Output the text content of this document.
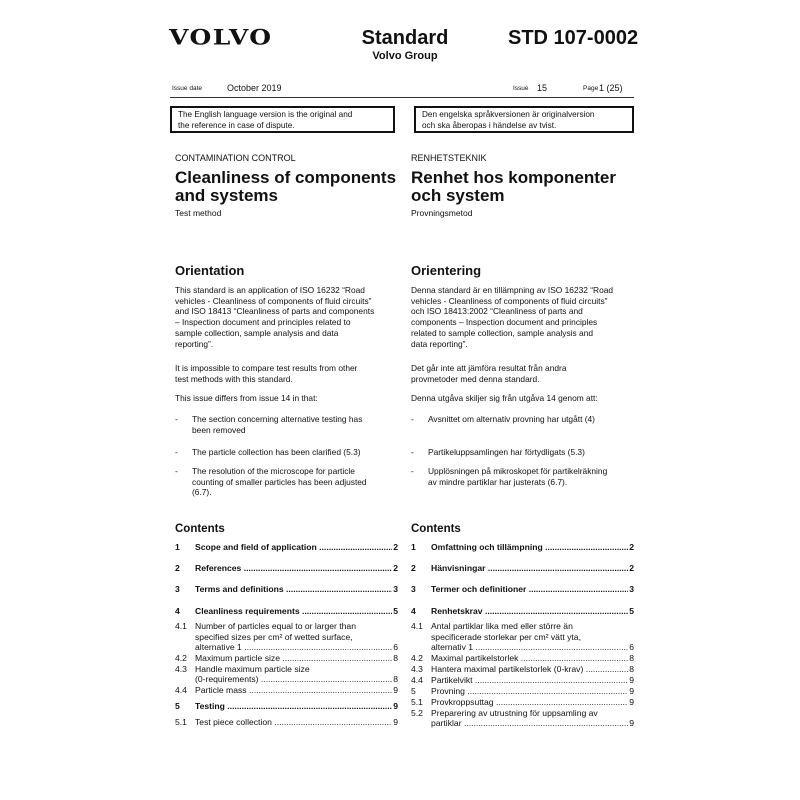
VOLVO	Standard
Volvo Group
STD 107-0002
Issue date	October 2019	Issue 15	Page 1 (25)
The English language version is the original and
the reference in case of dispute.
Den engelska språkversionen är originalversion
och ska åberopas i händelse av tvist.
CONTAMINATION CONTROL
Cleanliness of components
and systems
Test method
Orientation
This standard is an application of ISO 16232 “Road
vehicles - Cleanliness of components of fluid circuits”
and ISO 18413 “Cleanliness of parts and components
– Inspection document and principles related to
sample collection, sample analysis and data
reporting”.
It is impossible to compare test results from other
test methods with this standard.
This issue differs from issue 14 in that:
- The section concerning alternative testing has
been removed
- The particle collection has been clarified (5.3)
- The resolution of the microscope for particle
counting of smaller particles has been adjusted
(6.7).
Contents
1 Scope and field of application .....	2
2 References .....	2
3 Terms and definitions .....	3
4 Cleanliness requirements .....	5
4.1 Number of particles equal to or larger than
specified sizes per cm² of wetted surface,
alternative 1 .....	6
4.2 Maximum particle size .....	8
4.3 Handle maximum particle size
(0-requirements) .....	8
4.4 Particle mass .....	9
5 Testing .....	9
5.1 Test piece collection .....	9
RENHETSTEKNIK
Renhet hos komponenter
och system
Provningsmetod
Orientering
Denna standard är en tillämpning av ISO 16232 “Road
vehicles - Cleanliness of components of fluid circuits”
och ISO 18413:2002 “Cleanliness of parts and
components – Inspection document and principles
related to sample collection, sample analysis and
data reporting”.
Det går inte att jämföra resultat från andra
provmetoder med denna standard.
Denna utgåva skiljer sig från utgåva 14 genom att:
- Avsnittet om alternativ provning har utgått (4)
- Partikeluppsamlingen har förtydligats (5.3)
- Upplösningen på mikroskopet för partikelräkning
av mindre partiklar har justerats (6.7).
Contents
1 Omfattning och tillämpning .....	2
2 Hänvisningar .....	2
3 Termer och definitioner .....	3
4 Renhetskrav .....	5
4.1 Antal partiklar lika med eller större än
specificerade storlekar per cm² vätt yta,
alternativ 1 .....	6
4.2 Maximal partikelstorlek .....	8
4.3 Hantera maximal partikelstorlek (0-krav) .....	8
4.4 Partikelvikt .....	9
5 Provning .....	9
5.1 Provkroppsuttag .....	9
5.2 Preparering av utrustning för uppsamling av
partiklar .....	9
